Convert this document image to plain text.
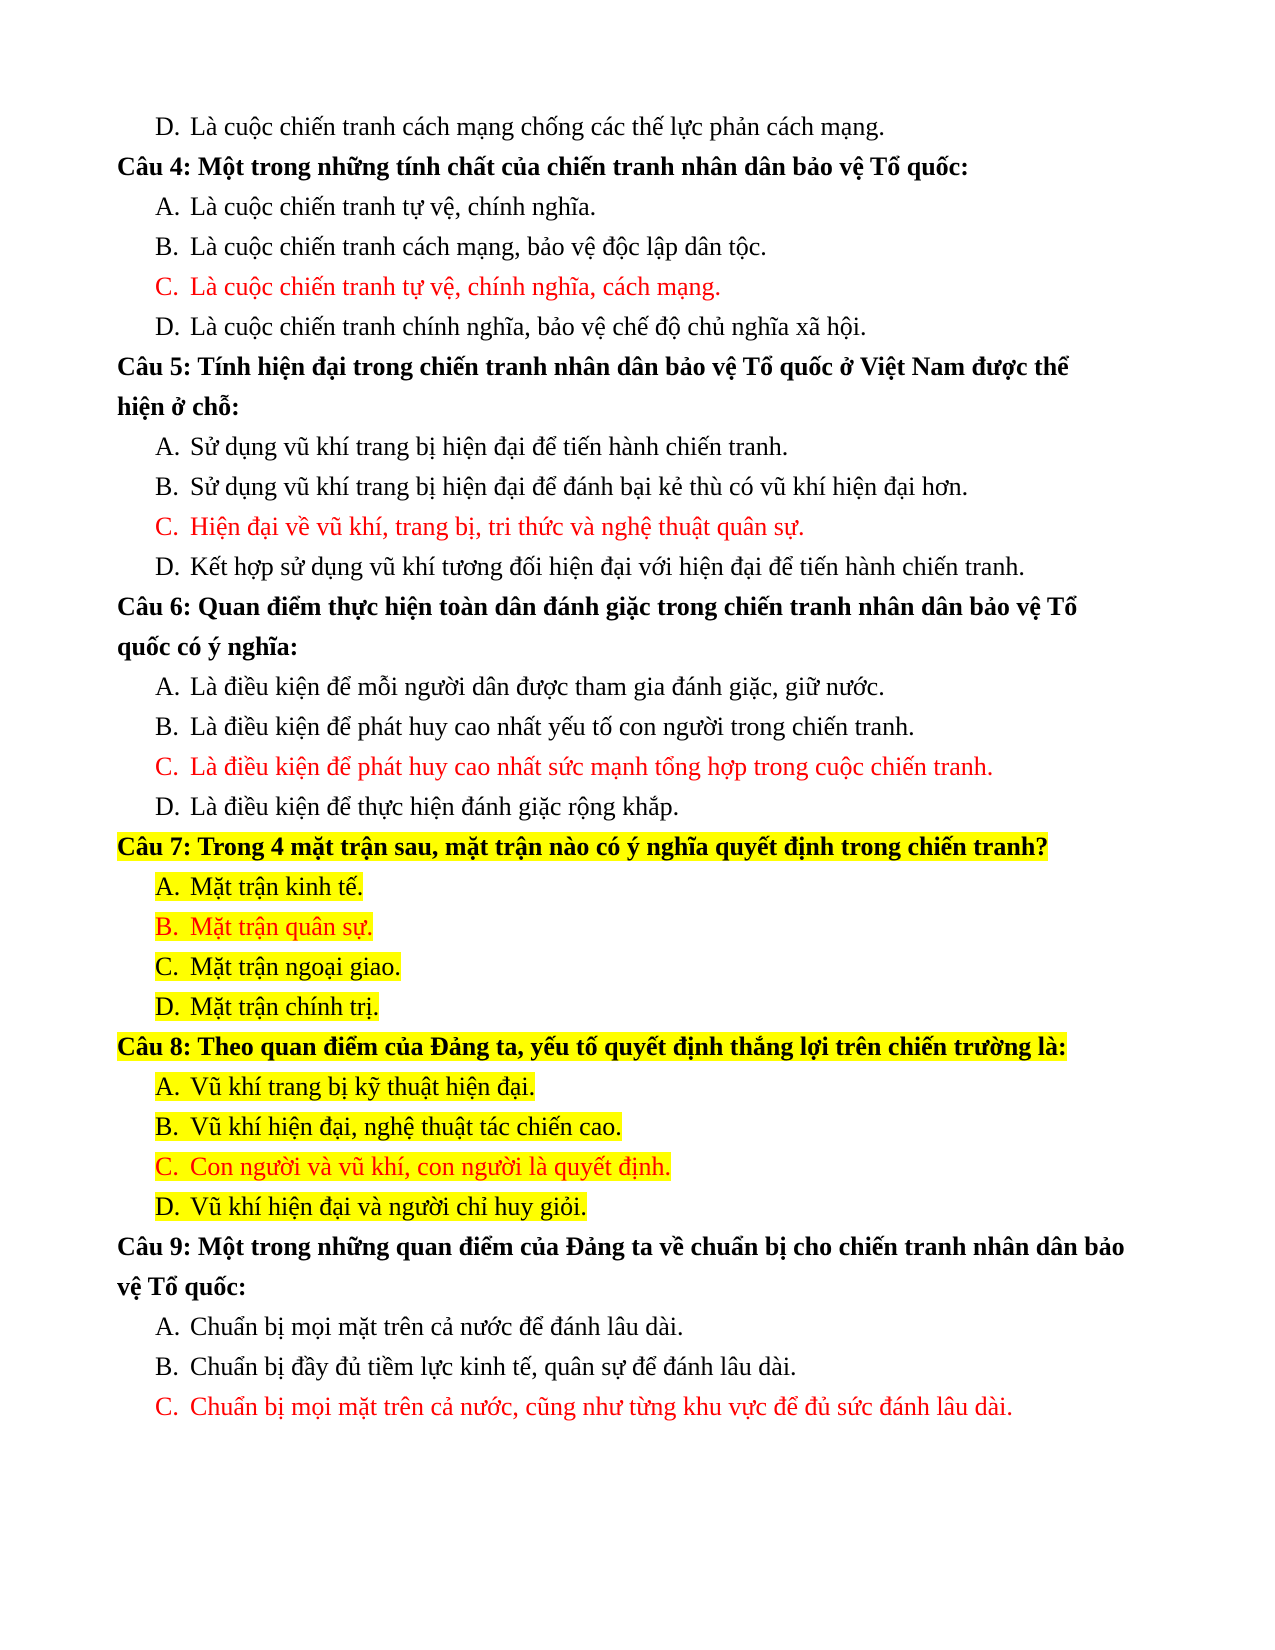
D. Là cuộc chiến tranh cách mạng chống các thế lực phản cách mạng.

Câu 4: Một trong những tính chất của chiến tranh nhân dân bảo vệ Tổ quốc:

A. Là cuộc chiến tranh tự vệ, chính nghĩa.

B. Là cuộc chiến tranh cách mạng, bảo vệ độc lập dân tộc.

C. Là cuộc chiến tranh tự vệ, chính nghĩa, cách mạng.

D. Là cuộc chiến tranh chính nghĩa, bảo vệ chế độ chủ nghĩa xã hội.

Câu 5: Tính hiện đại trong chiến tranh nhân dân bảo vệ Tổ quốc ở Việt Nam được thể

hiện ở chỗ:

A. Sử dụng vũ khí trang bị hiện đại để tiến hành chiến tranh.

B. Sử dụng vũ khí trang bị hiện đại để đánh bại kẻ thù có vũ khí hiện đại hơn.

C. Hiện đại về vũ khí, trang bị, tri thức và nghệ thuật quân sự.

D. Kết hợp sử dụng vũ khí tương đối hiện đại với hiện đại để tiến hành chiến tranh.

Câu 6: Quan điểm thực hiện toàn dân đánh giặc trong chiến tranh nhân dân bảo vệ Tổ

quốc có ý nghĩa:

A. Là điều kiện để mỗi người dân được tham gia đánh giặc, giữ nước.

B. Là điều kiện để phát huy cao nhất yếu tố con người trong chiến tranh.

C. Là điều kiện để phát huy cao nhất sức mạnh tổng hợp trong cuộc chiến tranh.

D. Là điều kiện để thực hiện đánh giặc rộng khắp.

Câu 7: Trong 4 mặt trận sau, mặt trận nào có ý nghĩa quyết định trong chiến tranh?

A. Mặt trận kinh tế.

B. Mặt trận quân sự.

C. Mặt trận ngoại giao.

D. Mặt trận chính trị.

Câu 8: Theo quan điểm của Đảng ta, yếu tố quyết định thắng lợi trên chiến trường là:

A. Vũ khí trang bị kỹ thuật hiện đại.

B. Vũ khí hiện đại, nghệ thuật tác chiến cao.

C. Con người và vũ khí, con người là quyết định.

D. Vũ khí hiện đại và người chỉ huy giỏi.

Câu 9: Một trong những quan điểm của Đảng ta về chuẩn bị cho chiến tranh nhân dân bảo

vệ Tổ quốc:

A. Chuẩn bị mọi mặt trên cả nước để đánh lâu dài.

B. Chuẩn bị đầy đủ tiềm lực kinh tế, quân sự để đánh lâu dài.

C. Chuẩn bị mọi mặt trên cả nước, cũng như từng khu vực để đủ sức đánh lâu dài.
